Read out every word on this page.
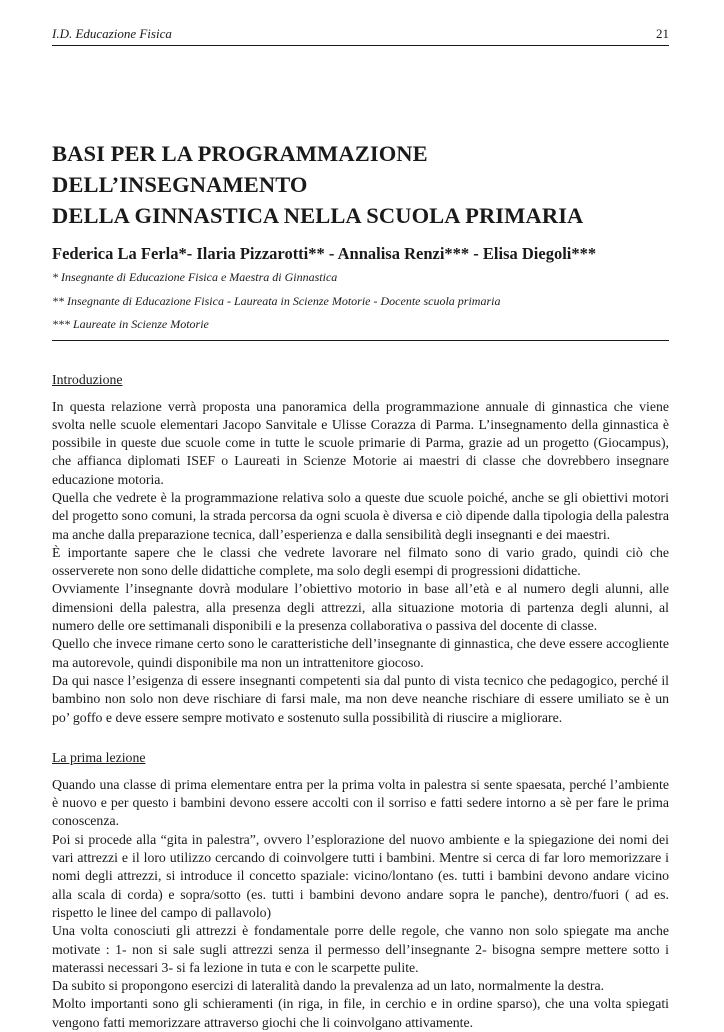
I.D. Educazione Fisica	21
BASI PER LA PROGRAMMAZIONE DELL’INSEGNAMENTO
DELLA GINNASTICA NELLA SCUOLA PRIMARIA
Federica La Ferla*- Ilaria Pizzarotti** - Annalisa Renzi*** - Elisa Diegoli***
* Insegnante di Educazione Fisica e Maestra di Ginnastica
** Insegnante di Educazione Fisica - Laureata in Scienze Motorie - Docente scuola primaria
*** Laureate in Scienze Motorie
Introduzione

In questa relazione verrà proposta una panoramica della programmazione annuale di ginnastica che viene svolta nelle scuole elementari Jacopo Sanvitale e Ulisse Corazza di Parma. L’insegnamento della ginnastica è possibile in queste due scuole come in tutte le scuole primarie di Parma, grazie ad un progetto (Giocampus), che affianca diplomati ISEF o Laureati in Scienze Motorie ai maestri di classe che dovrebbero insegnare educazione motoria.

Quella che vedrete è la programmazione relativa solo a queste due scuole poiché, anche se gli obiettivi motori del progetto sono comuni, la strada percorsa da ogni scuola è diversa e ciò dipende dalla tipologia della palestra ma anche dalla preparazione tecnica, dall’esperienza e dalla sensibilità degli insegnanti e dei maestri.

È importante sapere che le classi che vedrete lavorare nel filmato sono di vario grado, quindi ciò che osserverete non sono delle didattiche complete, ma solo degli esempi di progressioni didattiche.

Ovviamente l’insegnante dovrà modulare l’obiettivo motorio in base all’età e al numero degli alunni, alle dimensioni della palestra, alla presenza degli attrezzi, alla situazione motoria di partenza degli alunni, al numero delle ore settimanali disponibili e la presenza collaborativa o passiva del docente di classe.

Quello che invece rimane certo sono le caratteristiche dell’insegnante di ginnastica, che deve essere accogliente ma autorevole, quindi disponibile ma non un intrattenitore giocoso.

Da qui nasce l’esigenza di essere insegnanti competenti sia dal punto di vista tecnico che pedagogico, perché il bambino non solo non deve rischiare di farsi male, ma non deve neanche rischiare di essere umiliato se è un po’ goffo e deve essere sempre motivato e sostenuto sulla possibilità di riuscire a migliorare.

La prima lezione

Quando una classe di prima elementare entra per la prima volta in palestra si sente spaesata, perché l’ambiente è nuovo e per questo i bambini devono essere accolti con il sorriso e fatti sedere intorno a sè per fare le prima conoscenza.

Poi si procede alla “gita in palestra”, ovvero l’esplorazione del nuovo ambiente e la spiegazione dei nomi dei vari attrezzi e il loro utilizzo cercando di coinvolgere tutti i bambini. Mentre si cerca di far loro memorizzare i nomi degli attrezzi, si introduce il concetto spaziale: vicino/lontano (es. tutti i bambini devono andare vicino alla scala di corda) e sopra/sotto (es. tutti i bambini devono andare sopra le panche), dentro/fuori ( ad es. rispetto le linee del campo di pallavolo)

Una volta conosciuti gli attrezzi è fondamentale porre delle regole, che vanno non solo spiegate ma anche motivate : 1- non si sale sugli attrezzi senza il permesso dell’insegnante 2- bisogna sempre mettere sotto i materassi necessari 3- si fa lezione in tuta e con le scarpette pulite.

Da subito si propongono esercizi di lateralità dando la prevalenza ad un lato, normalmente la destra.

Molto importanti sono gli schieramenti (in riga, in file, in cerchio e in ordine sparso), che una volta spiegati vengono fatti memorizzare attraverso giochi che li coinvolgano attivamente.
